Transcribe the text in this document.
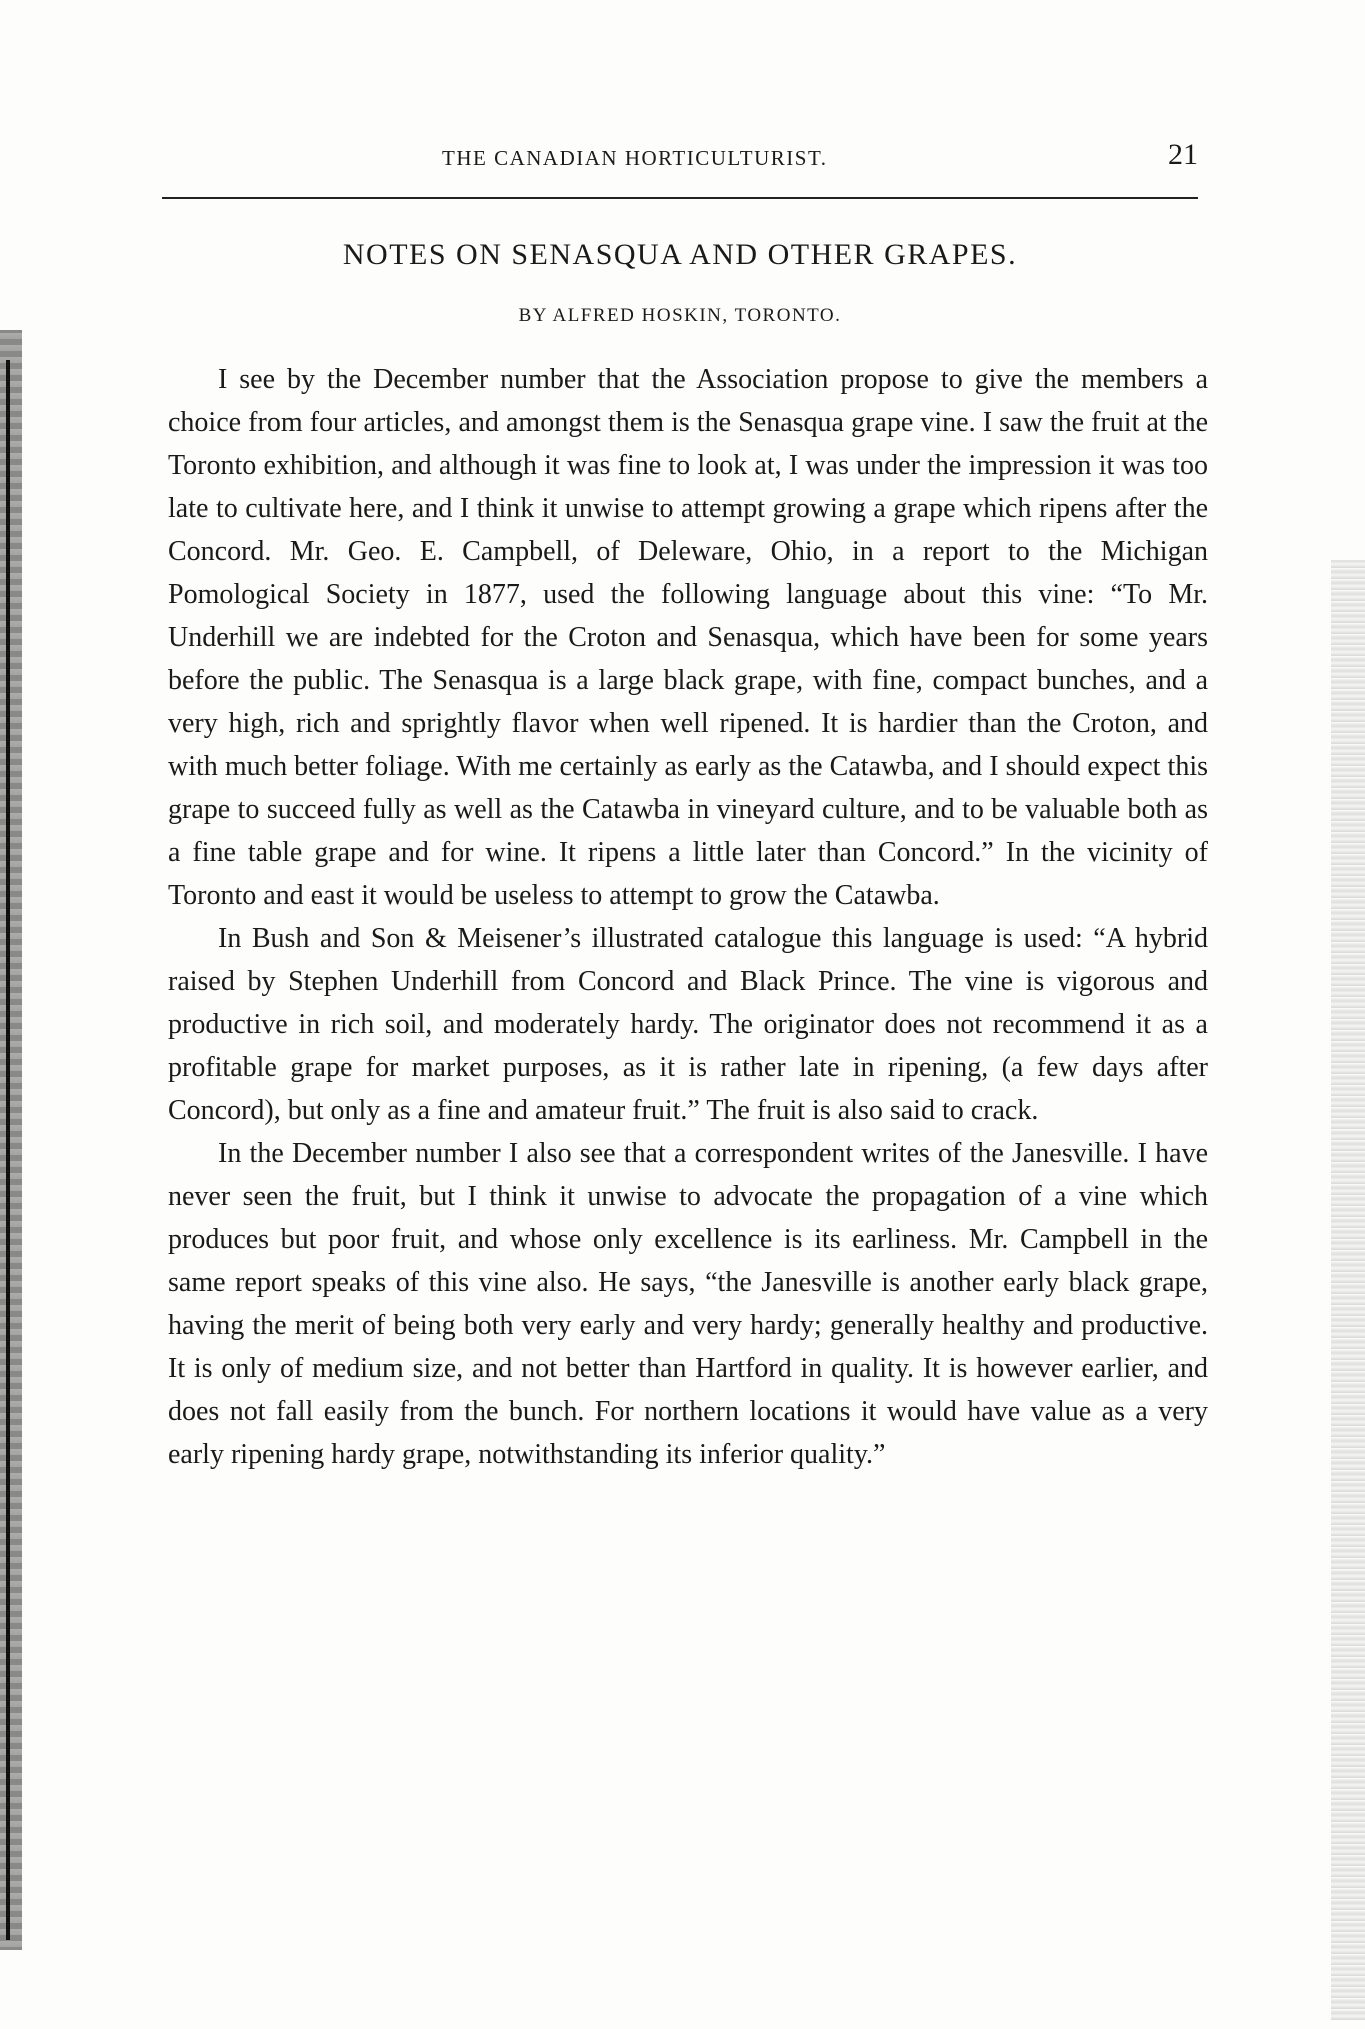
THE CANADIAN HORTICULTURIST.	21
NOTES ON SENASQUA AND OTHER GRAPES.
BY ALFRED HOSKIN, TORONTO.

I see by the December number that the Association propose to give the members a choice from four articles, and amongst them is the Senasqua grape vine. I saw the fruit at the Toronto exhibition, and although it was fine to look at, I was under the impression it was too late to cultivate here, and I think it unwise to attempt growing a grape which ripens after the Concord. Mr. Geo. E. Campbell, of Deleware, Ohio, in a report to the Michigan Pomological Society in 1877, used the following language about this vine: “To Mr. Underhill we are indebted for the Croton and Senasqua, which have been for some years before the public. The Senasqua is a large black grape, with fine, compact bunches, and a very high, rich and sprightly flavor when well ripened. It is hardier than the Croton, and with much better foliage. With me certainly as early as the Catawba, and I should expect this grape to succeed fully as well as the Catawba in vineyard culture, and to be valuable both as a fine table grape and for wine. It ripens a little later than Concord.” In the vicinity of Toronto and east it would be useless to attempt to grow the Catawba.

In Bush and Son & Meisener’s illustrated catalogue this language is used: “A hybrid raised by Stephen Underhill from Concord and Black Prince. The vine is vigorous and productive in rich soil, and moderately hardy. The originator does not recommend it as a profitable grape for market purposes, as it is rather late in ripening, (a few days after Concord), but only as a fine and amateur fruit.” The fruit is also said to crack.

In the December number I also see that a correspondent writes of the Janesville. I have never seen the fruit, but I think it unwise to advocate the propagation of a vine which produces but poor fruit, and whose only excellence is its earliness. Mr. Campbell in the same report speaks of this vine also. He says, “the Janesville is another early black grape, having the merit of being both very early and very hardy; generally healthy and productive. It is only of medium size, and not better than Hartford in quality. It is however earlier, and does not fall easily from the bunch. For northern locations it would have value as a very early ripening hardy grape, notwithstanding its inferior quality.”
